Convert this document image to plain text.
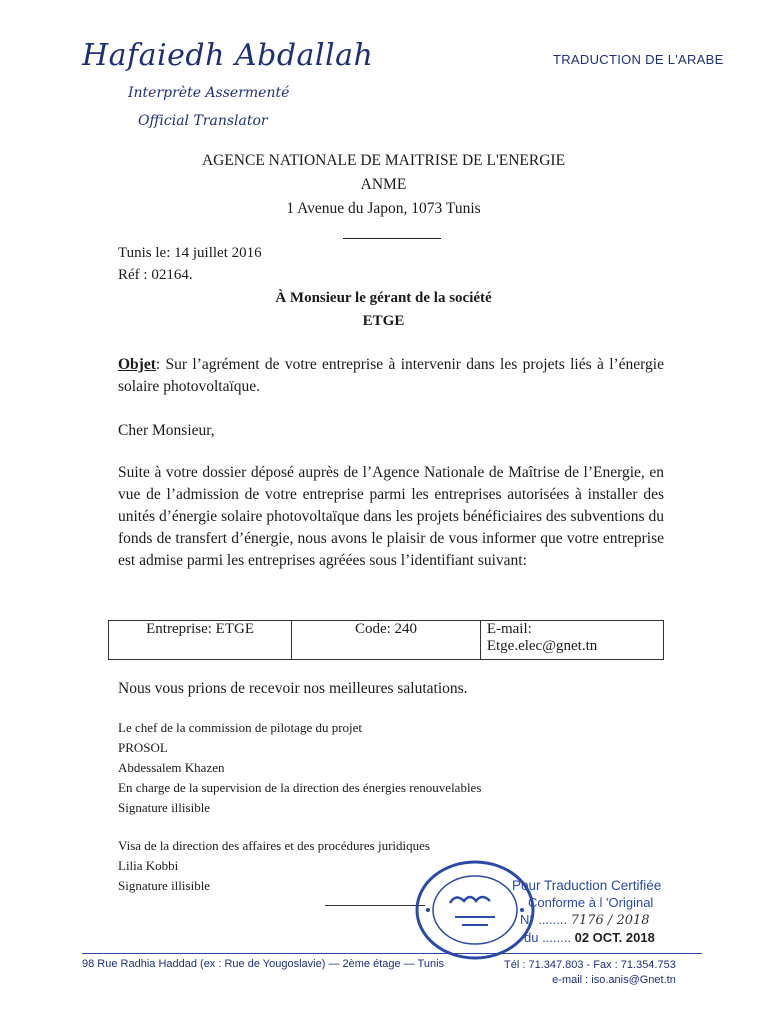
Hafaiedh Abdallah
Interprète Assermenté
Official Translator
TRADUCTION DE L'ARABE
AGENCE NATIONALE DE MAITRISE DE L'ENERGIE
ANME
1 Avenue du Japon, 1073 Tunis
Tunis le: 14 juillet 2016
Réf : 02164.
À Monsieur le gérant de la société
ETGE
Objet: Sur l’agrément de votre entreprise à intervenir dans les projets liés à l’énergie solaire photovoltaïque.
Cher Monsieur,
Suite à votre dossier déposé auprès de l’Agence Nationale de Maîtrise de l’Energie, en vue de l’admission de votre entreprise parmi les entreprises autorisées à installer des unités d’énergie solaire photovoltaïque dans les projets bénéficiaires des subventions du fonds de transfert d’énergie, nous avons le plaisir de vous informer que votre entreprise est admise parmi les entreprises agréées sous l’identifiant suivant:
Entreprise: ETGE	Code: 240	E-mail:
Etge.elec@gnet.tn
Nous vous prions de recevoir nos meilleures salutations.
Le chef de la commission de pilotage du projet
PROSOL
Abdessalem Khazen
En charge de la supervision de la direction des énergies renouvelables
Signature illisible
Visa de la direction des affaires et des procédures juridiques
Lilia Kobbi
Signature illisible	Pour Traduction Certifiée
Conforme à l 'Original
N° ........ 7176 / 2018
du ........ 02 OCT. 2018
98 Rue Radhia Haddad (ex : Rue de Yougoslavie) — 2ème étage — Tunis	Tél : 71.347.803 - Fax : 71.354.753
e-mail : iso.anis@Gnet.tn
